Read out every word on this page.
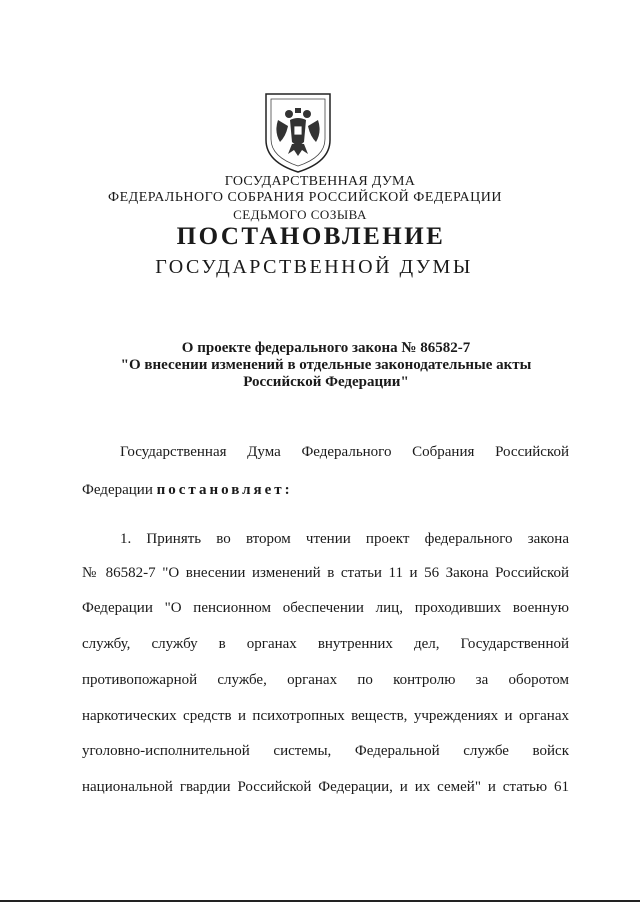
ГОСУДАРСТВЕННАЯ ДУМА
ФЕДЕРАЛЬНОГО СОБРАНИЯ РОССИЙСКОЙ ФЕДЕРАЦИИ
СЕДЬМОГО СОЗЫВА
ПОСТАНОВЛЕНИЕ
ГОСУДАРСТВЕННОЙ ДУМЫ
О проекте федерального закона № 86582-7
"О внесении изменений в отдельные законодательные акты
Российской Федерации"
Государственная Дума Федерального Собрания Российской
Федерации постановляет:
1. Принять во втором чтении проект федерального закона
№ 86582-7 "О внесении изменений в статьи 11 и 56 Закона Российской
Федерации "О пенсионном обеспечении лиц, проходивших военную
службу, службу в органах внутренних дел, Государственной
противопожарной службе, органах по контролю за оборотом
наркотических средств и психотропных веществ, учреждениях и органах
уголовно-исполнительной системы, Федеральной службе войск
национальной гвардии Российской Федерации, и их семей" и статью 61
